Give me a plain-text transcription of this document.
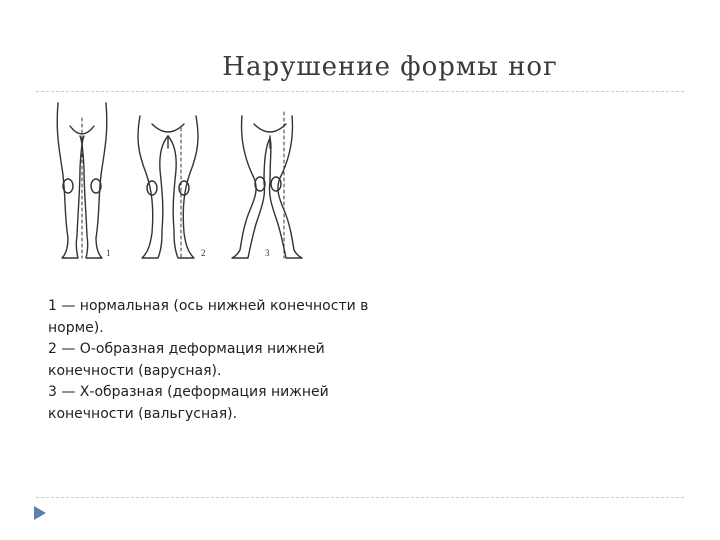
Нарушение формы ног
1	2	3
1 — нормальная (ось нижней конечности в
норме).
2 — О-образная деформация нижней
конечности (варусная).
3 — Х-образная (деформация нижней
конечности (вальгусная).
